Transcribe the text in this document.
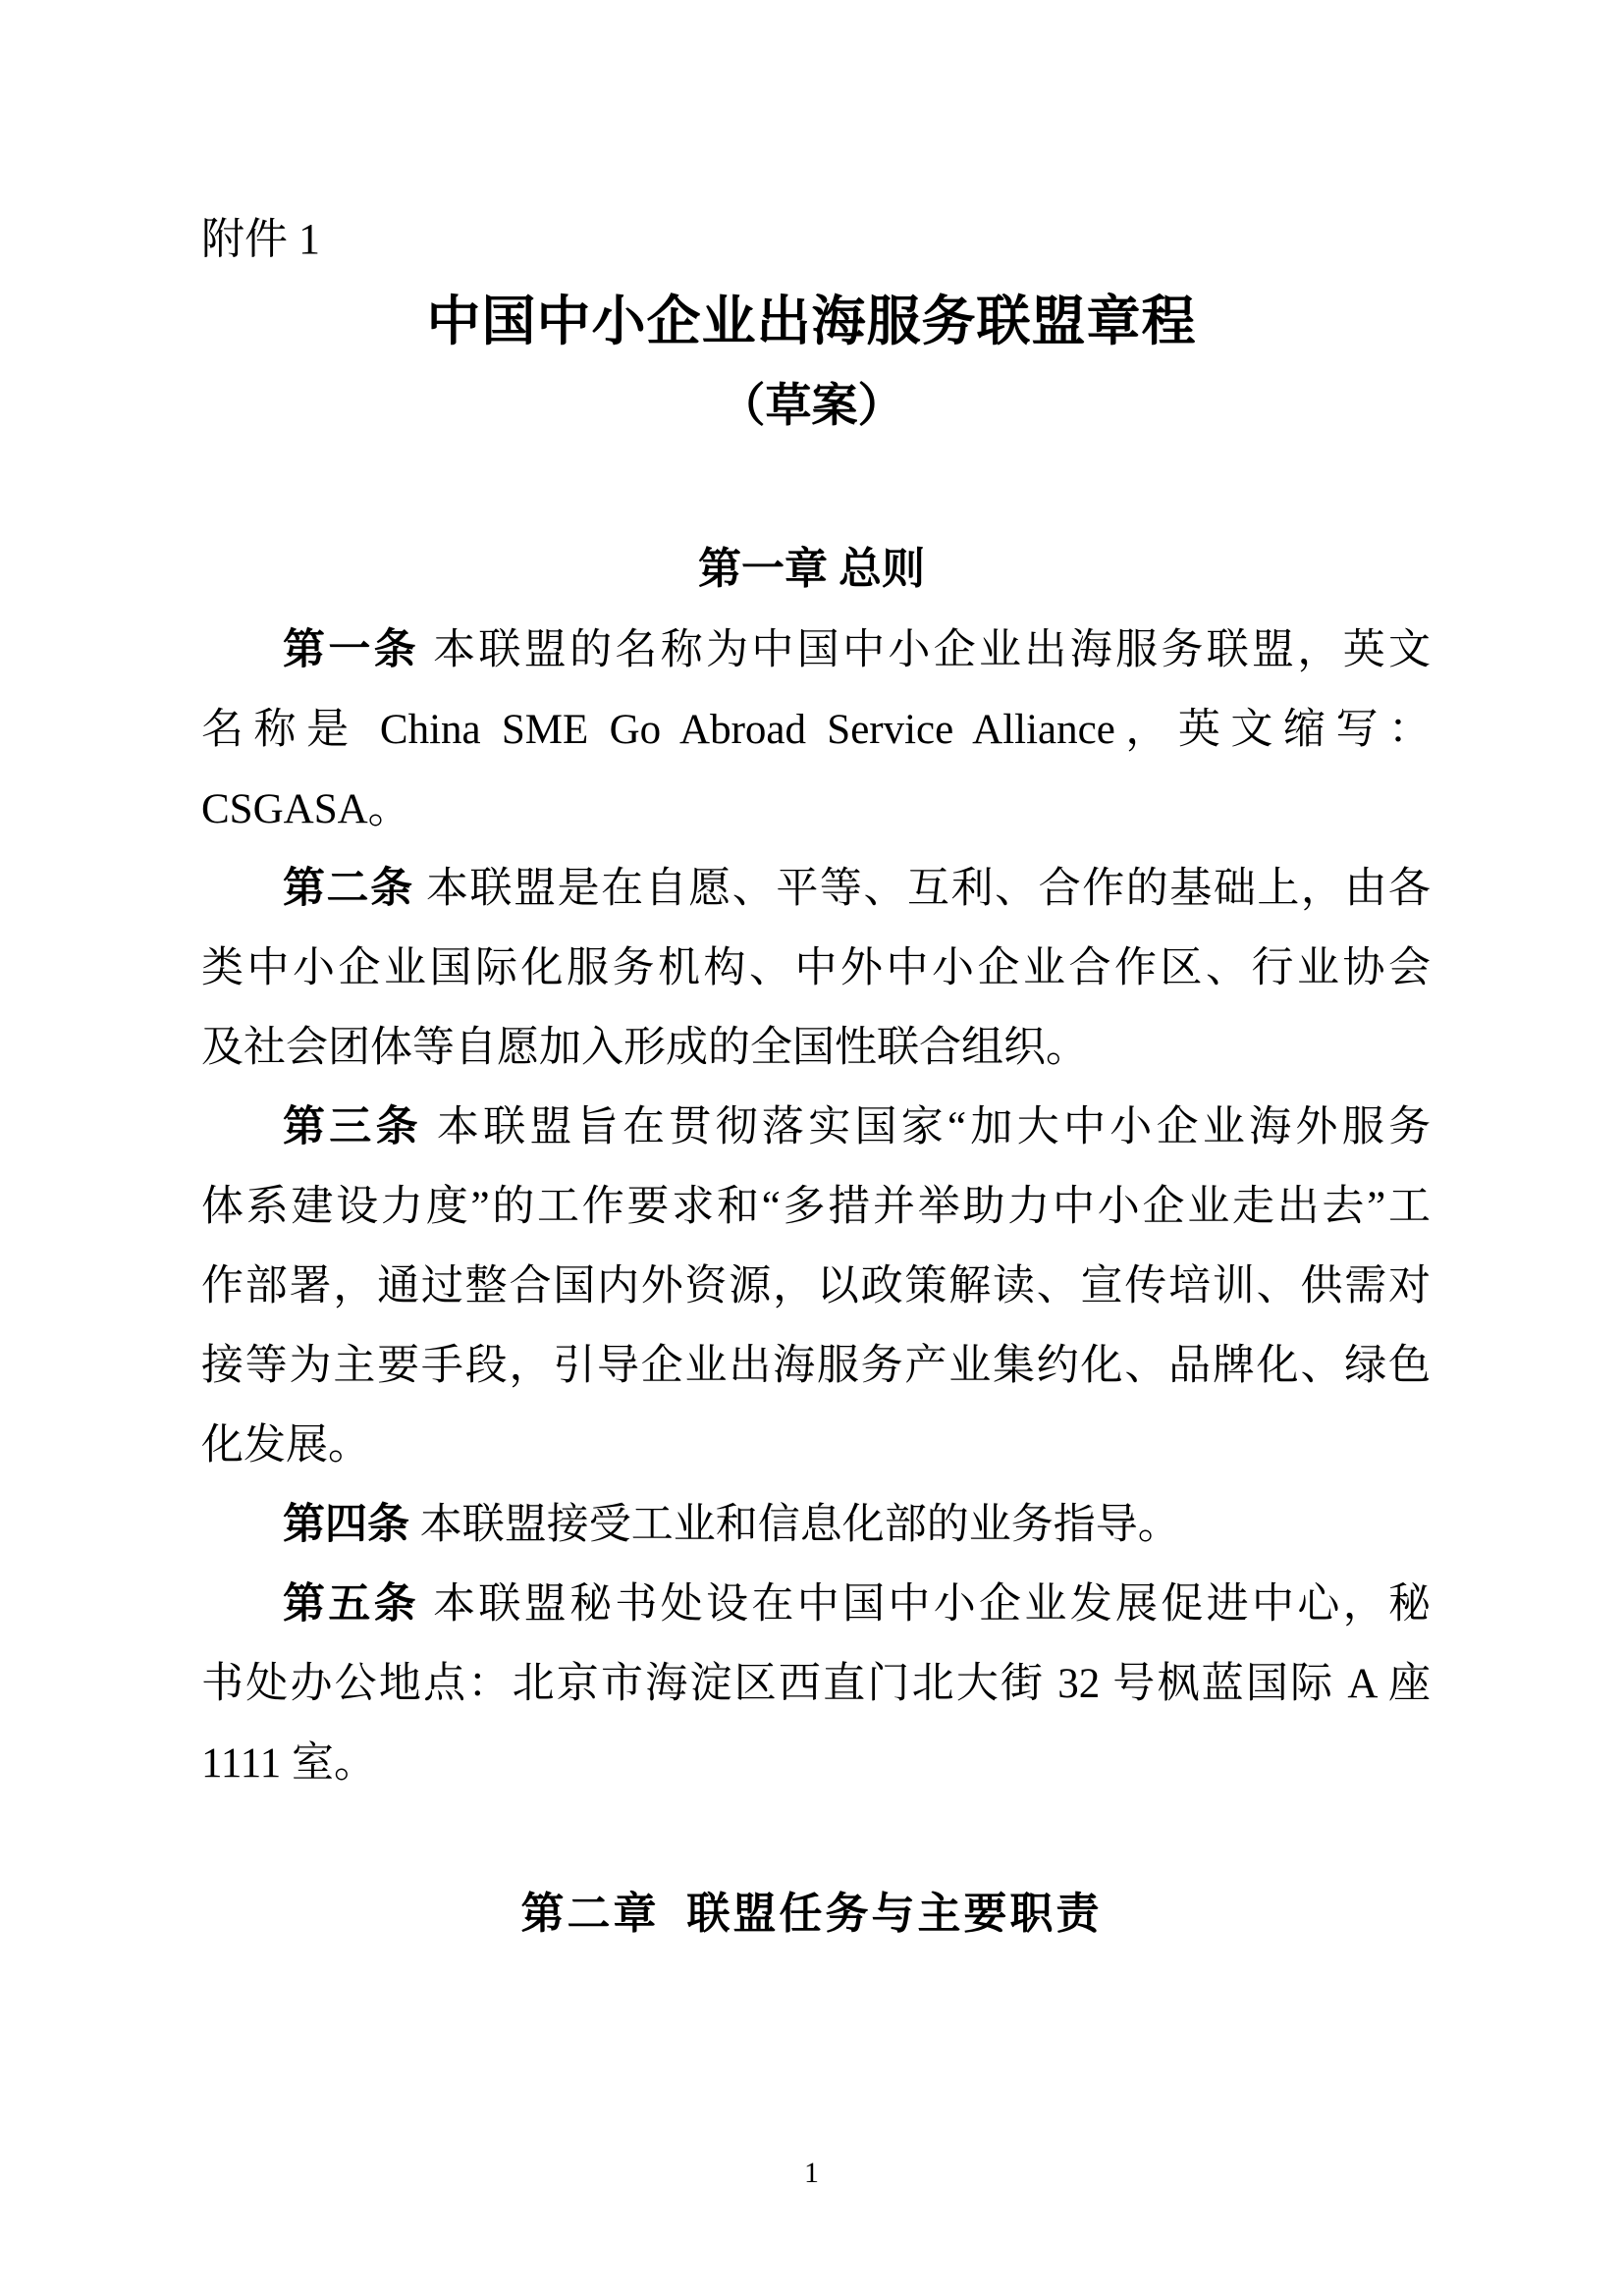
附件 1
中国中小企业出海服务联盟章程
（草案）
第一章 总则
第一条 本联盟的名称为中国中小企业出海服务联盟，英文
名称是 China SME Go Abroad Service Alliance，英文缩写：
CSGASA。
第二条 本联盟是在自愿、平等、互利、合作的基础上，由各
类中小企业国际化服务机构、中外中小企业合作区、行业协会
及社会团体等自愿加入形成的全国性联合组织。
第三条 本联盟旨在贯彻落实国家“加大中小企业海外服务
体系建设力度”的工作要求和“多措并举助力中小企业走出去”工
作部署，通过整合国内外资源，以政策解读、宣传培训、供需对
接等为主要手段，引导企业出海服务产业集约化、品牌化、绿色
化发展。
第四条 本联盟接受工业和信息化部的业务指导。
第五条 本联盟秘书处设在中国中小企业发展促进中心，秘
书处办公地点：北京市海淀区西直门北大街 32 号枫蓝国际 A 座
1111 室。
第二章  联盟任务与主要职责
1
